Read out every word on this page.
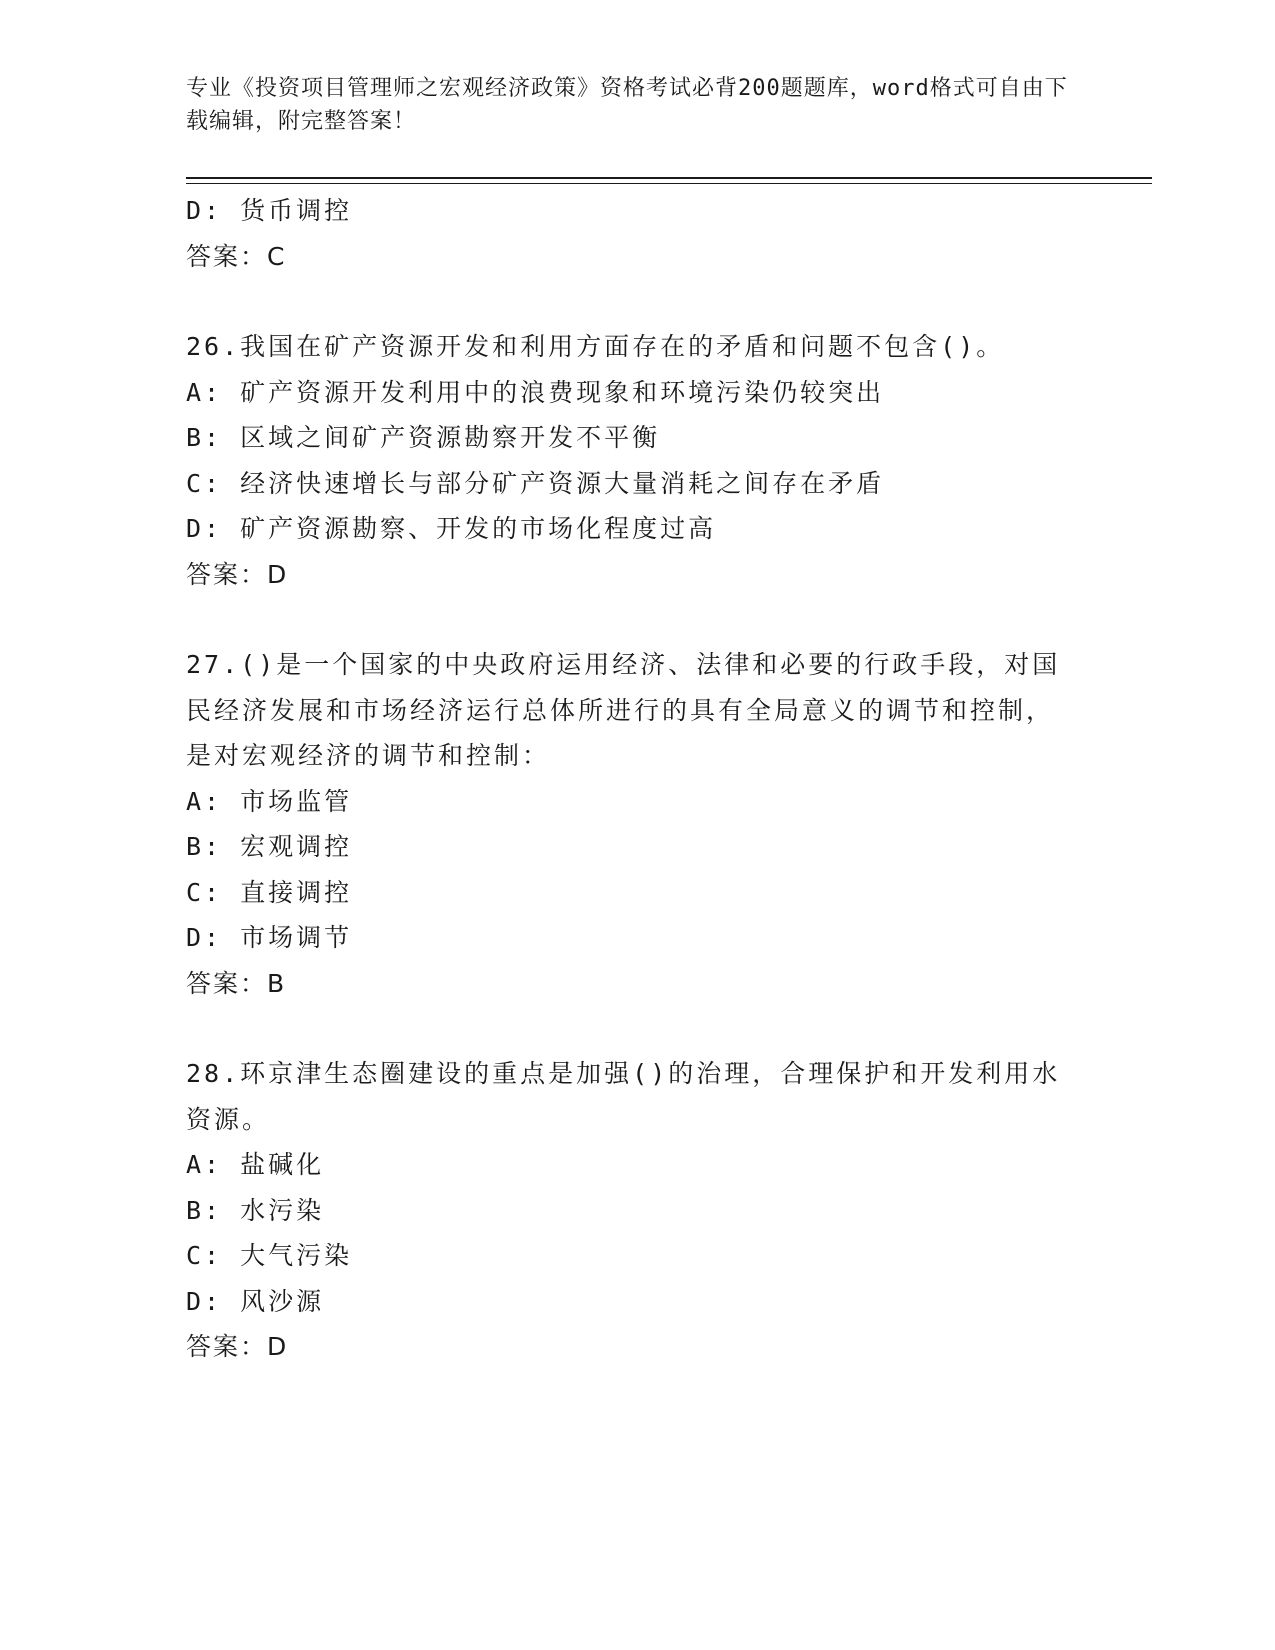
专业《投资项目管理师之宏观经济政策》资格考试必背200题题库，word格式可自由下载编辑，附完整答案！
D: 货币调控
答案：C
26.我国在矿产资源开发和利用方面存在的矛盾和问题不包含()。
A: 矿产资源开发利用中的浪费现象和环境污染仍较突出
B: 区域之间矿产资源勘察开发不平衡
C: 经济快速增长与部分矿产资源大量消耗之间存在矛盾
D: 矿产资源勘察、开发的市场化程度过高
答案：D
27.()是一个国家的中央政府运用经济、法律和必要的行政手段，对国民经济发展和市场经济运行总体所进行的具有全局意义的调节和控制，是对宏观经济的调节和控制：
A: 市场监管
B: 宏观调控
C: 直接调控
D: 市场调节
答案：B
28.环京津生态圈建设的重点是加强()的治理，合理保护和开发利用水资源。
A: 盐碱化
B: 水污染
C: 大气污染
D: 风沙源
答案：D
